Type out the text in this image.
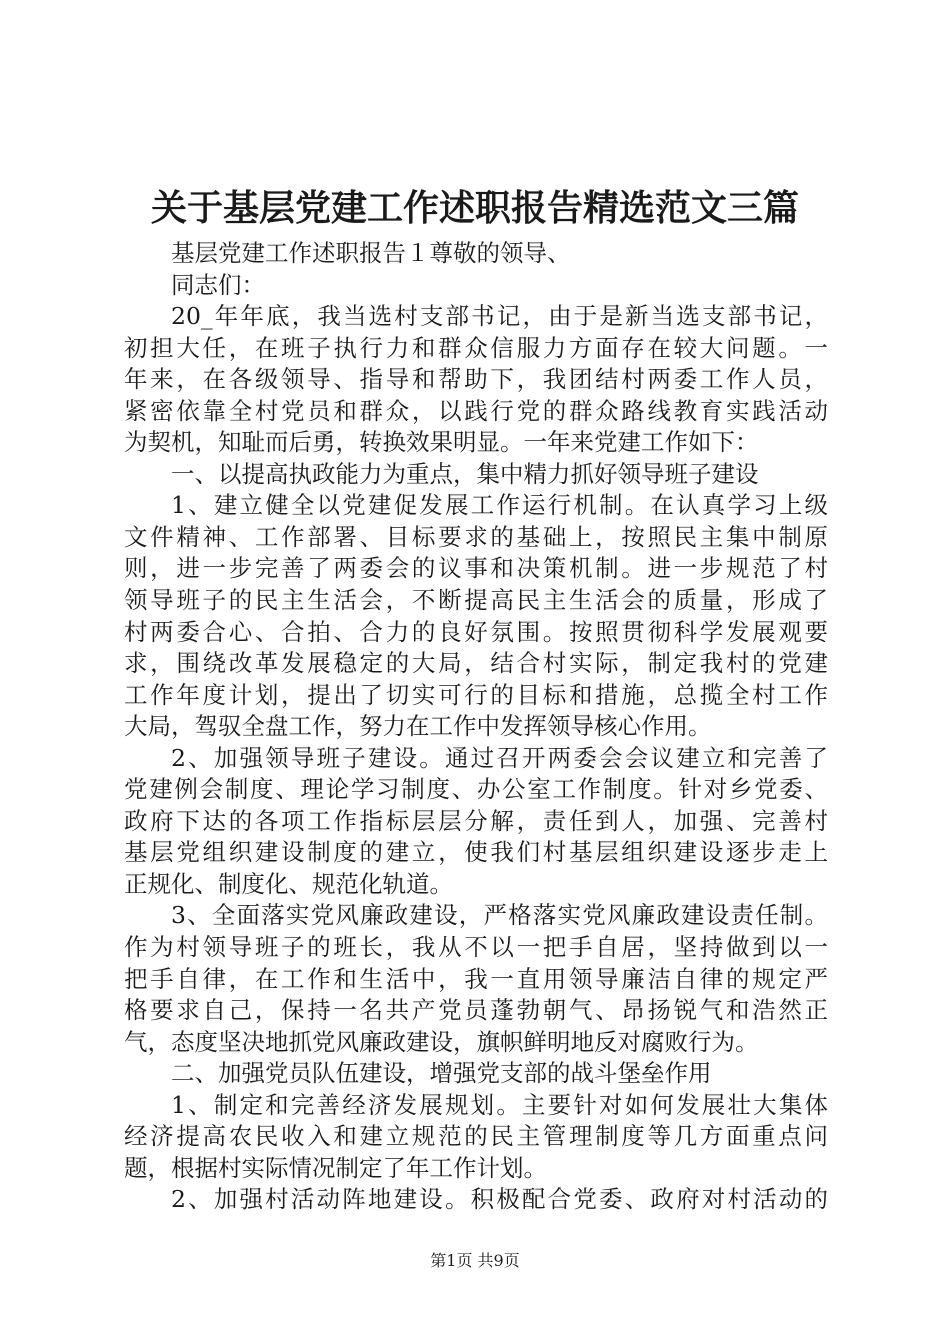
关于基层党建工作述职报告精选范文三篇
基层党建工作述职报告１尊敬的领导、
同志们：
20_年年底，我当选村支部书记，由于是新当选支部书记，
初担大任，在班子执行力和群众信服力方面存在较大问题。一
年来，在各级领导、指导和帮助下，我团结村两委工作人员，
紧密依靠全村党员和群众，以践行党的群众路线教育实践活动
为契机，知耻而后勇，转换效果明显。一年来党建工作如下：
一、以提高执政能力为重点，集中精力抓好领导班子建设
1、建立健全以党建促发展工作运行机制。在认真学习上级
文件精神、工作部署、目标要求的基础上，按照民主集中制原
则，进一步完善了两委会的议事和决策机制。进一步规范了村
领导班子的民主生活会，不断提高民主生活会的质量，形成了
村两委合心、合拍、合力的良好氛围。按照贯彻科学发展观要
求，围绕改革发展稳定的大局，结合村实际，制定我村的党建
工作年度计划，提出了切实可行的目标和措施，总揽全村工作
大局，驾驭全盘工作，努力在工作中发挥领导核心作用。
2、加强领导班子建设。通过召开两委会会议建立和完善了
党建例会制度、理论学习制度、办公室工作制度。针对乡党委、
政府下达的各项工作指标层层分解，责任到人，加强、完善村
基层党组织建设制度的建立，使我们村基层组织建设逐步走上
正规化、制度化、规范化轨道。
3、全面落实党风廉政建设，严格落实党风廉政建设责任制。
作为村领导班子的班长，我从不以一把手自居，坚持做到以一
把手自律，在工作和生活中，我一直用领导廉洁自律的规定严
格要求自己，保持一名共产党员蓬勃朝气、昂扬锐气和浩然正
气，态度坚决地抓党风廉政建设，旗帜鲜明地反对腐败行为。
二、加强党员队伍建设，增强党支部的战斗堡垒作用
1、制定和完善经济发展规划。主要针对如何发展壮大集体
经济提高农民收入和建立规范的民主管理制度等几方面重点问
题，根据村实际情况制定了年工作计划。
2、加强村活动阵地建设。积极配合党委、政府对村活动的
第1页 共9页
